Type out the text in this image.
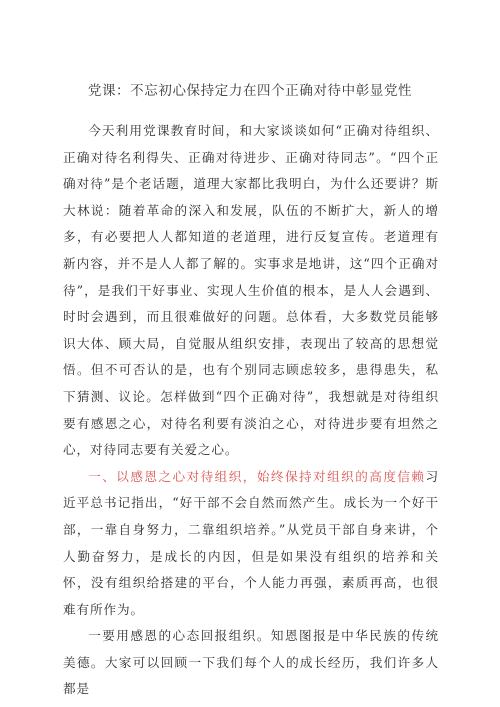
党课：不忘初心保持定力在四个正确对待中彰显党性

今天利用党课教育时间，和大家谈谈如何“正确对待组织、正确对待名利得失、正确对待进步、正确对待同志”。“四个正确对待”是个老话题，道理大家都比我明白，为什么还要讲？斯大林说：随着革命的深入和发展，队伍的不断扩大，新人的增多，有必要把人人都知道的老道理，进行反复宣传。老道理有新内容，并不是人人都了解的。实事求是地讲，这“四个正确对待”，是我们干好事业、实现人生价值的根本，是人人会遇到、时时会遇到，而且很难做好的问题。总体看，大多数党员能够识大体、顾大局，自觉服从组织安排，表现出了较高的思想觉悟。但不可否认的是，也有个别同志顾虑较多，患得患失，私下猜测、议论。怎样做到“四个正确对待”，我想就是对待组织要有感恩之心，对待名利要有淡泊之心，对待进步要有坦然之心，对待同志要有关爱之心。

一、以感恩之心对待组织，始终保持对组织的高度信赖习近平总书记指出，“好干部不会自然而然产生。成长为一个好干部，一靠自身努力，二靠组织培养。”从党员干部自身来讲，个人勤奋努力，是成长的内因，但是如果没有组织的培养和关怀，没有组织给搭建的平台，个人能力再强，素质再高，也很难有所作为。

一要用感恩的心态回报组织。知恩图报是中华民族的传统美德。大家可以回顾一下我们每个人的成长经历，我们许多人都是
